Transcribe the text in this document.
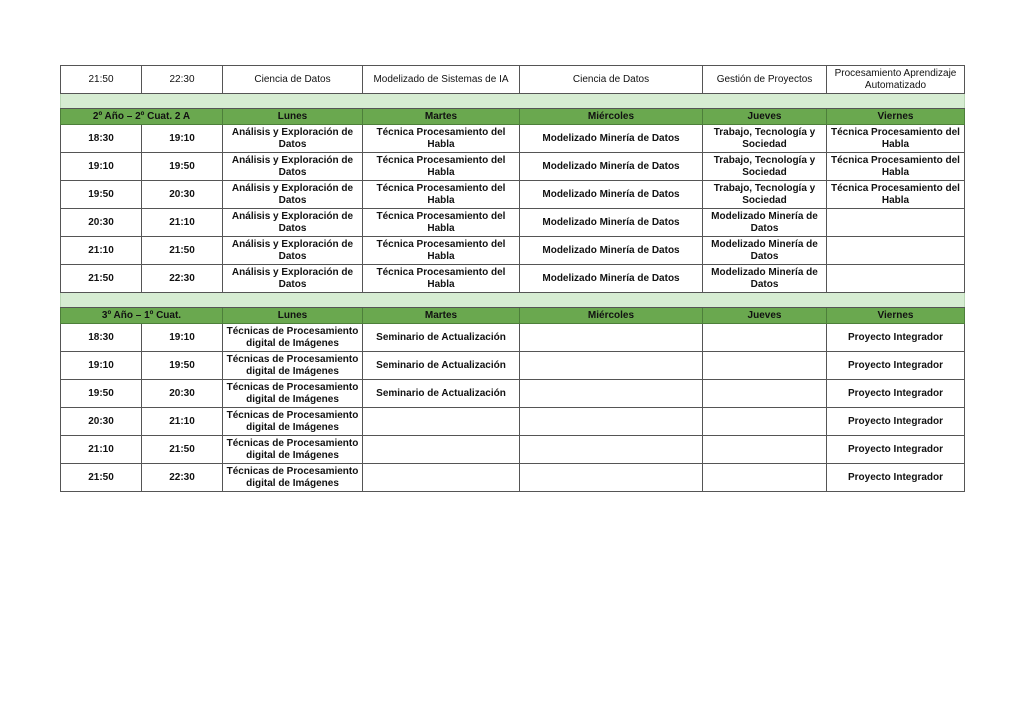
21:50	22:30	Ciencia de Datos	Modelizado de Sistemas de IA	Ciencia de Datos	Gestión de Proyectos	Procesamiento Aprendizaje Automatizado

2º Año – 2º Cuat. 2 A		Lunes	Martes	Miércoles	Jueves	Viernes
18:30	19:10	Análisis y Exploración de Datos	Técnica Procesamiento del Habla	Modelizado Minería de Datos	Trabajo, Tecnología y Sociedad	Técnica Procesamiento del Habla
19:10	19:50	Análisis y Exploración de Datos	Técnica Procesamiento del Habla	Modelizado Minería de Datos	Trabajo, Tecnología y Sociedad	Técnica Procesamiento del Habla
19:50	20:30	Análisis y Exploración de Datos	Técnica Procesamiento del Habla	Modelizado Minería de Datos	Trabajo, Tecnología y Sociedad	Técnica Procesamiento del Habla
20:30	21:10	Análisis y Exploración de Datos	Técnica Procesamiento del Habla	Modelizado Minería de Datos	Modelizado Minería de Datos	
21:10	21:50	Análisis y Exploración de Datos	Técnica Procesamiento del Habla	Modelizado Minería de Datos	Modelizado Minería de Datos	
21:50	22:30	Análisis y Exploración de Datos	Técnica Procesamiento del Habla	Modelizado Minería de Datos	Modelizado Minería de Datos	

3º Año – 1º Cuat.		Lunes	Martes	Miércoles	Jueves	Viernes
18:30	19:10	Técnicas de Procesamiento digital de Imágenes	Seminario de Actualización			Proyecto Integrador
19:10	19:50	Técnicas de Procesamiento digital de Imágenes	Seminario de Actualización			Proyecto Integrador
19:50	20:30	Técnicas de Procesamiento digital de Imágenes	Seminario de Actualización			Proyecto Integrador
20:30	21:10	Técnicas de Procesamiento digital de Imágenes				Proyecto Integrador
21:10	21:50	Técnicas de Procesamiento digital de Imágenes				Proyecto Integrador
21:50	22:30	Técnicas de Procesamiento digital de Imágenes				Proyecto Integrador
